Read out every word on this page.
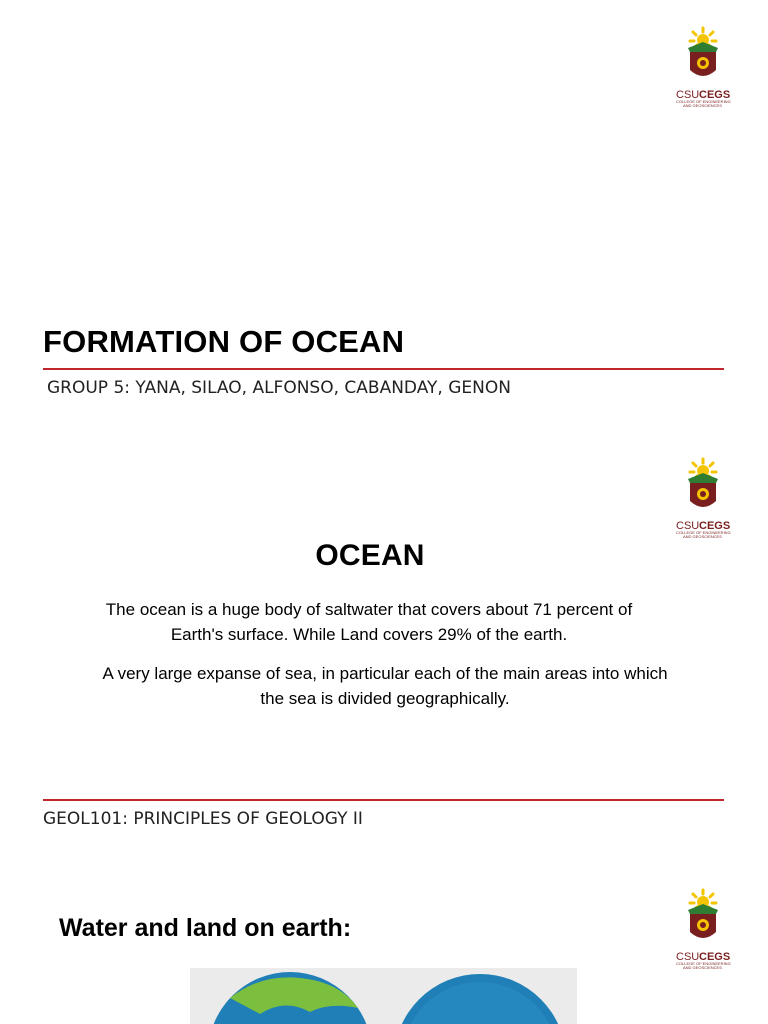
CSU CEGS
COLLEGE OF ENGINEERING
AND GEOSCIENCES
FORMATION OF OCEAN
GROUP 5: YANA, SILAO, ALFONSO, CABANDAY, GENON
CSU CEGS
COLLEGE OF ENGINEERING
AND GEOSCIENCES
OCEAN

The ocean is a huge body of saltwater that covers about 71 percent of Earth's surface. While Land covers 29% of the earth.

A very large expanse of sea, in particular each of the main areas into which the sea is divided geographically.

GEOL101: PRINCIPLES OF GEOLOGY II
CSU CEGS
COLLEGE OF ENGINEERING
AND GEOSCIENCES
Water and land on earth:
